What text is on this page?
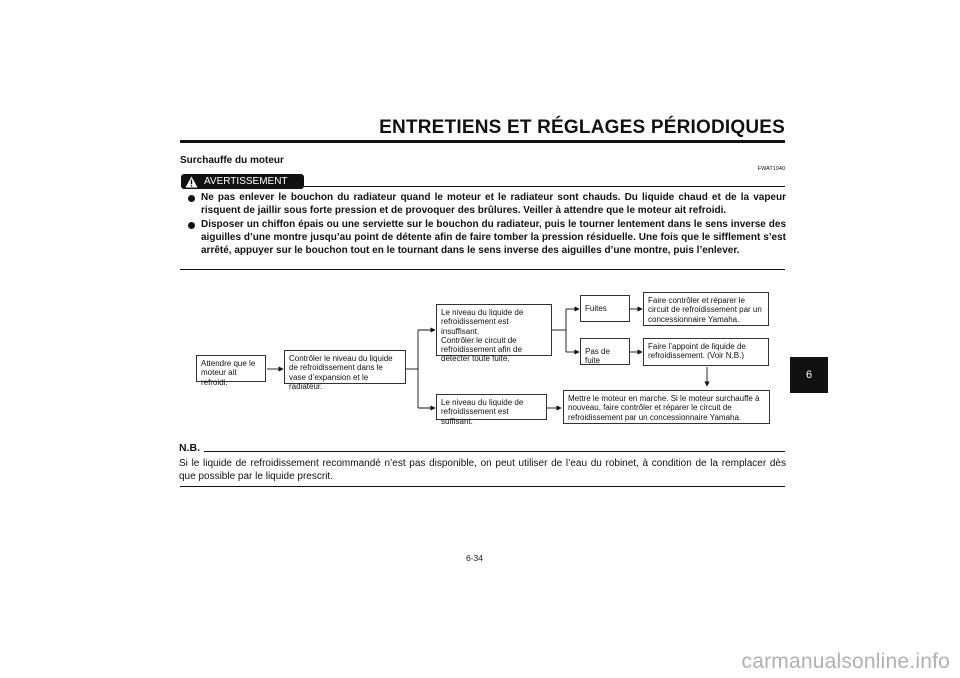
ENTRETIENS ET RÉGLAGES PÉRIODIQUES
Surchauffe du moteur
FWAT1040
AVERTISSEMENT
Ne pas enlever le bouchon du radiateur quand le moteur et le radiateur sont chauds. Du liquide chaud et de la vapeur risquent de jaillir sous forte pression et de provoquer des brûlures. Veiller à attendre que le moteur ait refroidi.
Disposer un chiffon épais ou une serviette sur le bouchon du radiateur, puis le tourner lentement dans le sens inverse des aiguilles d’une montre jusqu’au point de détente afin de faire tomber la pression résiduelle. Une fois que le sifflement s’est arrêté, appuyer sur le bouchon tout en le tournant dans le sens inverse des aiguilles d’une montre, puis l’enlever.
6
Attendre que le
moteur ait refroidi.
Contrôler le niveau du liquide
de refroidissement dans le
vase d’expansion et le radiateur.
Le niveau du liquide de
refroidissement est insuffisant.
Contrôler le circuit de
refroidissement afin de
détecter toute fuite.
Le niveau du liquide de
refroidissement est suffisant.
Fuites
Pas de fuite
Faire contrôler et réparer le
circuit de refroidissement par un
concessionnaire Yamaha.
Faire l’appoint de liquide de
refroidissement. (Voir N.B.)
Mettre le moteur en marche. Si le moteur surchauffe à
nouveau, faire contrôler et réparer le circuit de
refroidissement par un concessionnaire Yamaha.
N.B.
Si le liquide de refroidissement recommandé n’est pas disponible, on peut utiliser de l’eau du robinet, à condition de la remplacer dès que possible par le liquide prescrit.
6-34
carmanualsonline.info
